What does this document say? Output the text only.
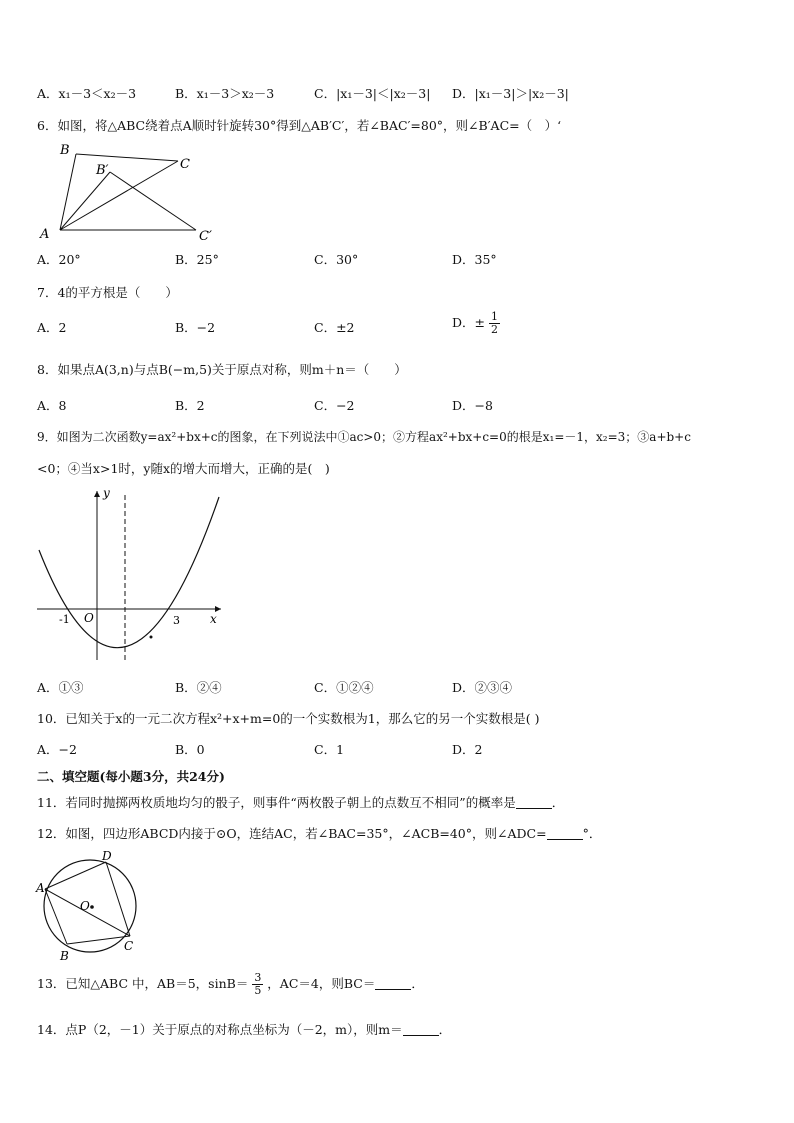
A．x₁－3＜x₂－3	B．x₁－3＞x₂－3	C．|x₁－3|＜|x₂－3| D．|x₁－3|＞|x₂－3|
6．如图，将△ABC绕着点A顺时针旋转30°得到△AB′C′，若∠BAC′=80°，则∠B′AC=（　）‘
B
C
B′
A	C′
A．20°	B．25°	C．30°	D．35°
7．4的平方根是（　　）
A．2	B．−2	C．±2	D．± $\frac{1}{2}$
8．如果点A(3,n)与点B(−m,5)关于原点对称，则m＋n＝（　　）
A．8	B．2	C．−2	D．−8
9．如图为二次函数y=ax²+bx+c的图象，在下列说法中①ac>0；②方程ax²+bx+c=0的根是x₁=－1，x₂=3；③a+b+c
<0；④当x>1时，y随x的增大而增大，正确的是(　)
y
x
-1 O	3
A．①③	B．②④	C．①②④	D．②③④
10．已知关于x的一元二次方程x²+x+m=0的一个实数根为1，那么它的另一个实数根是( )
A．−2	B．0	C．1	D．2
二、填空题(每小题3分，共24分)
11．若同时抛掷两枚质地均匀的骰子，则事件“两枚骰子朝上的点数互不相同”的概率是	．
12．如图，四边形ABCD内接于⊙O，连结AC，若∠BAC=35°，∠ACB=40°，则∠ADC=	°．
A
D
O
C
B
13．已知△ABC 中，AB＝5，$\sin B= \frac{3}{5}$ ，AC＝4，则BC＝	．
14．点P（2，－1）关于原点的对称点坐标为（－2，m），则m＝	．
